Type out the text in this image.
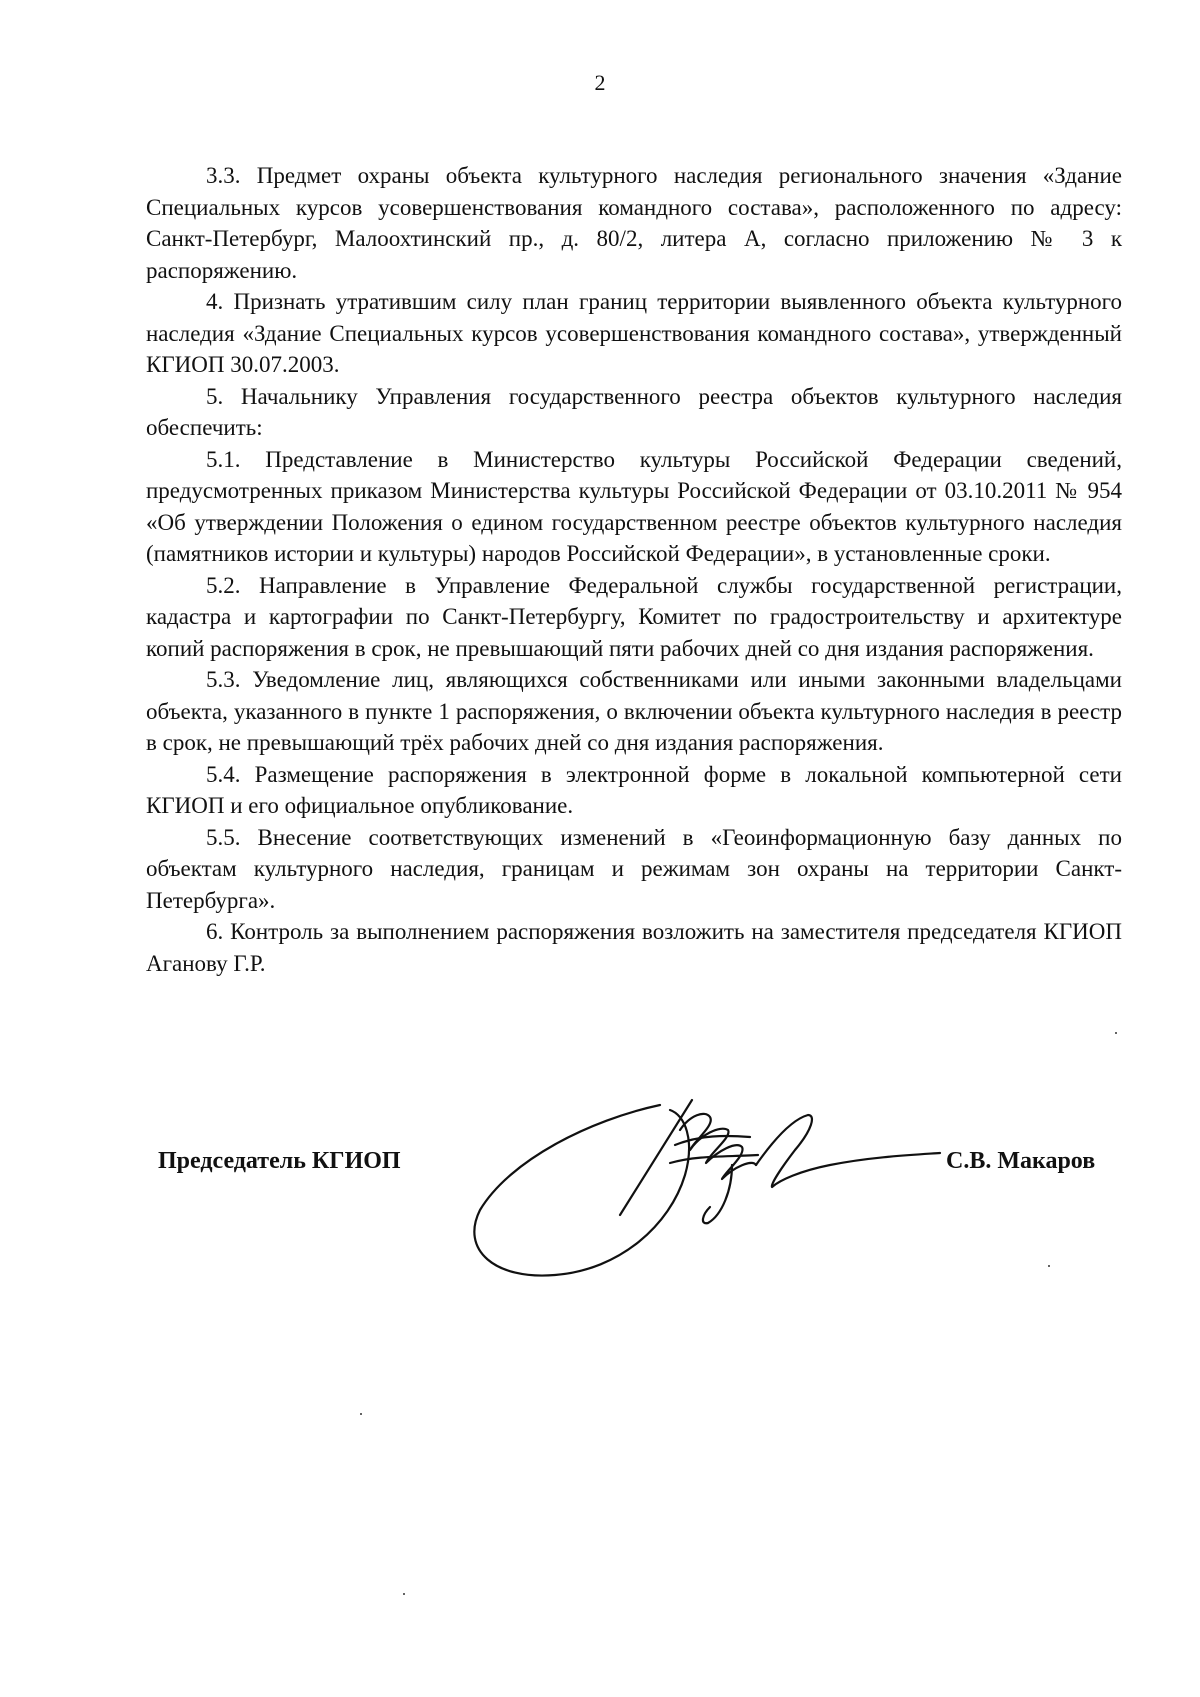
2

3.3. Предмет охраны объекта культурного наследия регионального значения «Здание Специальных курсов усовершенствования командного состава», расположенного по адресу: Санкт-Петербург, Малоохтинский пр., д. 80/2, литера А, согласно приложению № 3 к распоряжению.

4. Признать утратившим силу план границ территории выявленного объекта культурного наследия «Здание Специальных курсов усовершенствования командного состава», утвержденный КГИОП 30.07.2003.

5. Начальнику Управления государственного реестра объектов культурного наследия обеспечить:

5.1. Представление в Министерство культуры Российской Федерации сведений, предусмотренных приказом Министерства культуры Российской Федерации от 03.10.2011 № 954 «Об утверждении Положения о едином государственном реестре объектов культурного наследия (памятников истории и культуры) народов Российской Федерации», в установленные сроки.

5.2. Направление в Управление Федеральной службы государственной регистрации, кадастра и картографии по Санкт-Петербургу, Комитет по градостроительству и архитектуре копий распоряжения в срок, не превышающий пяти рабочих дней со дня издания распоряжения.

5.3. Уведомление лиц, являющихся собственниками или иными законными владельцами объекта, указанного в пункте 1 распоряжения, о включении объекта культурного наследия в реестр в срок, не превышающий трёх рабочих дней со дня издания распоряжения.

5.4. Размещение распоряжения в электронной форме в локальной компьютерной сети КГИОП и его официальное опубликование.

5.5. Внесение соответствующих изменений в «Геоинформационную базу данных по объектам культурного наследия, границам и режимам зон охраны на территории Санкт-Петербурга».

6. Контроль за выполнением распоряжения возложить на заместителя председателя КГИОП Аганову Г.Р.

Председатель КГИОП	С.В. Макаров
